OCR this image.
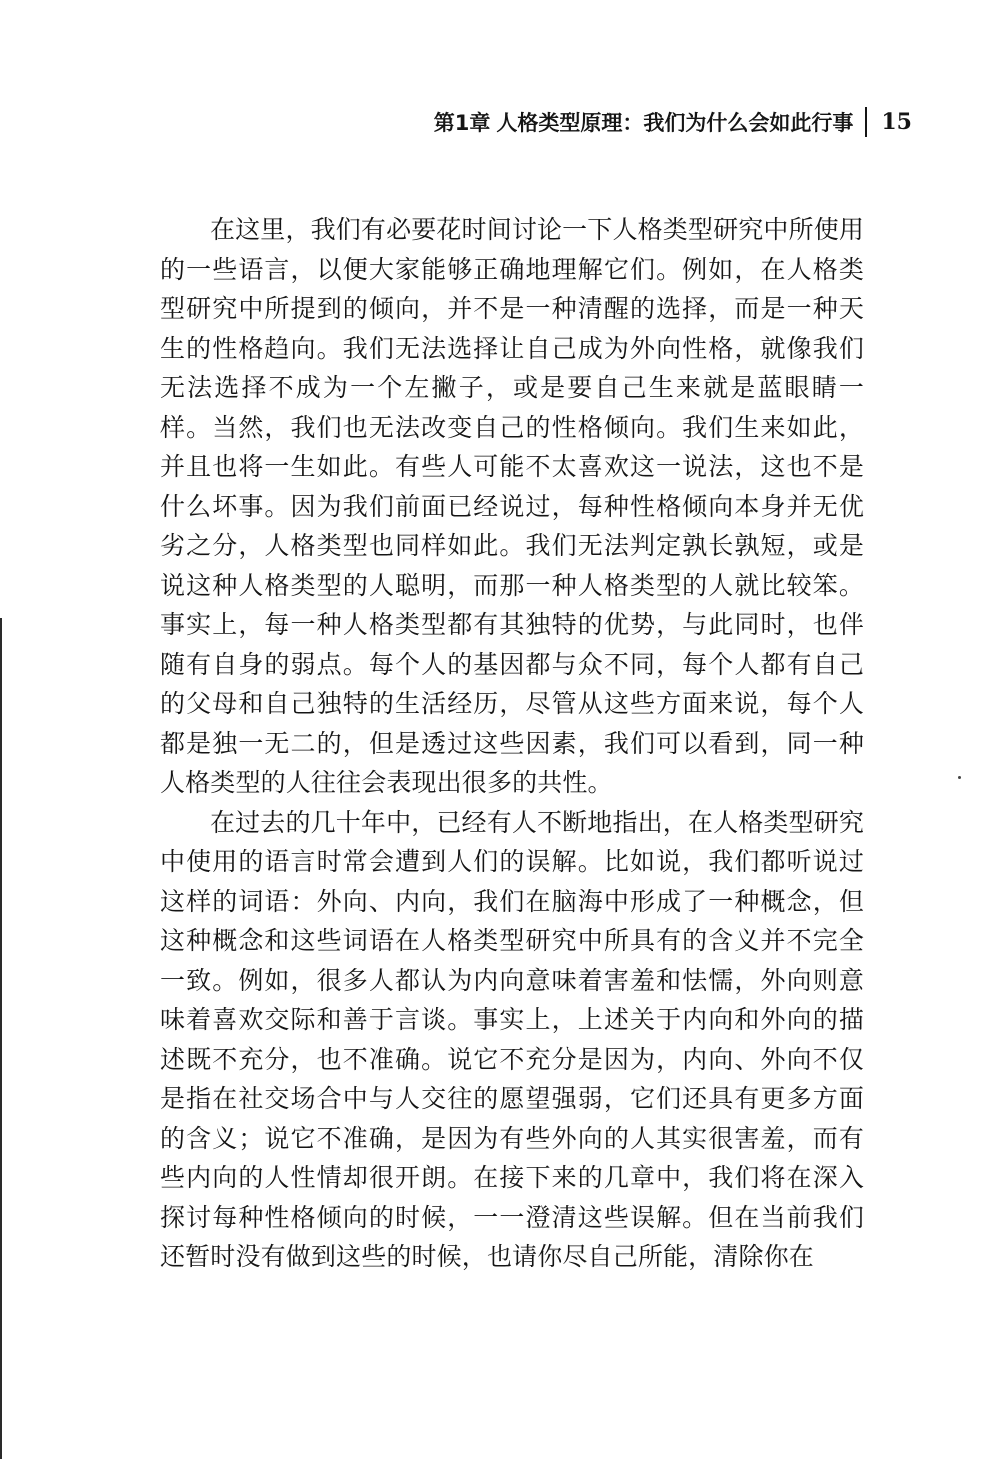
第1章 人格类型原理：我们为什么会如此行事 15

在这里，我们有必要花时间讨论一下人格类型研究中所使用的一些语言，以便大家能够正确地理解它们。例如，在人格类型研究中所提到的倾向，并不是一种清醒的选择，而是一种天生的性格趋向。我们无法选择让自己成为外向性格，就像我们无法选择不成为一个左撇子，或是要自己生来就是蓝眼睛一样。当然，我们也无法改变自己的性格倾向。我们生来如此，并且也将一生如此。有些人可能不太喜欢这一说法，这也不是什么坏事。因为我们前面已经说过，每种性格倾向本身并无优劣之分，人格类型也同样如此。我们无法判定孰长孰短，或是说这种人格类型的人聪明，而那一种人格类型的人就比较笨。事实上，每一种人格类型都有其独特的优势，与此同时，也伴随有自身的弱点。每个人的基因都与众不同，每个人都有自己的父母和自己独特的生活经历，尽管从这些方面来说，每个人都是独一无二的，但是透过这些因素，我们可以看到，同一种人格类型的人往往会表现出很多的共性。

在过去的几十年中，已经有人不断地指出，在人格类型研究中使用的语言时常会遭到人们的误解。比如说，我们都听说过这样的词语：外向、内向，我们在脑海中形成了一种概念，但这种概念和这些词语在人格类型研究中所具有的含义并不完全一致。例如，很多人都认为内向意味着害羞和怯懦，外向则意味着喜欢交际和善于言谈。事实上，上述关于内向和外向的描述既不充分，也不准确。说它不充分是因为，内向、外向不仅是指在社交场合中与人交往的愿望强弱，它们还具有更多方面的含义；说它不准确，是因为有些外向的人其实很害羞，而有些内向的人性情却很开朗。在接下来的几章中，我们将在深入探讨每种性格倾向的时候，一一澄清这些误解。但在当前我们还暂时没有做到这些的时候，也请你尽自己所能，清除你在
